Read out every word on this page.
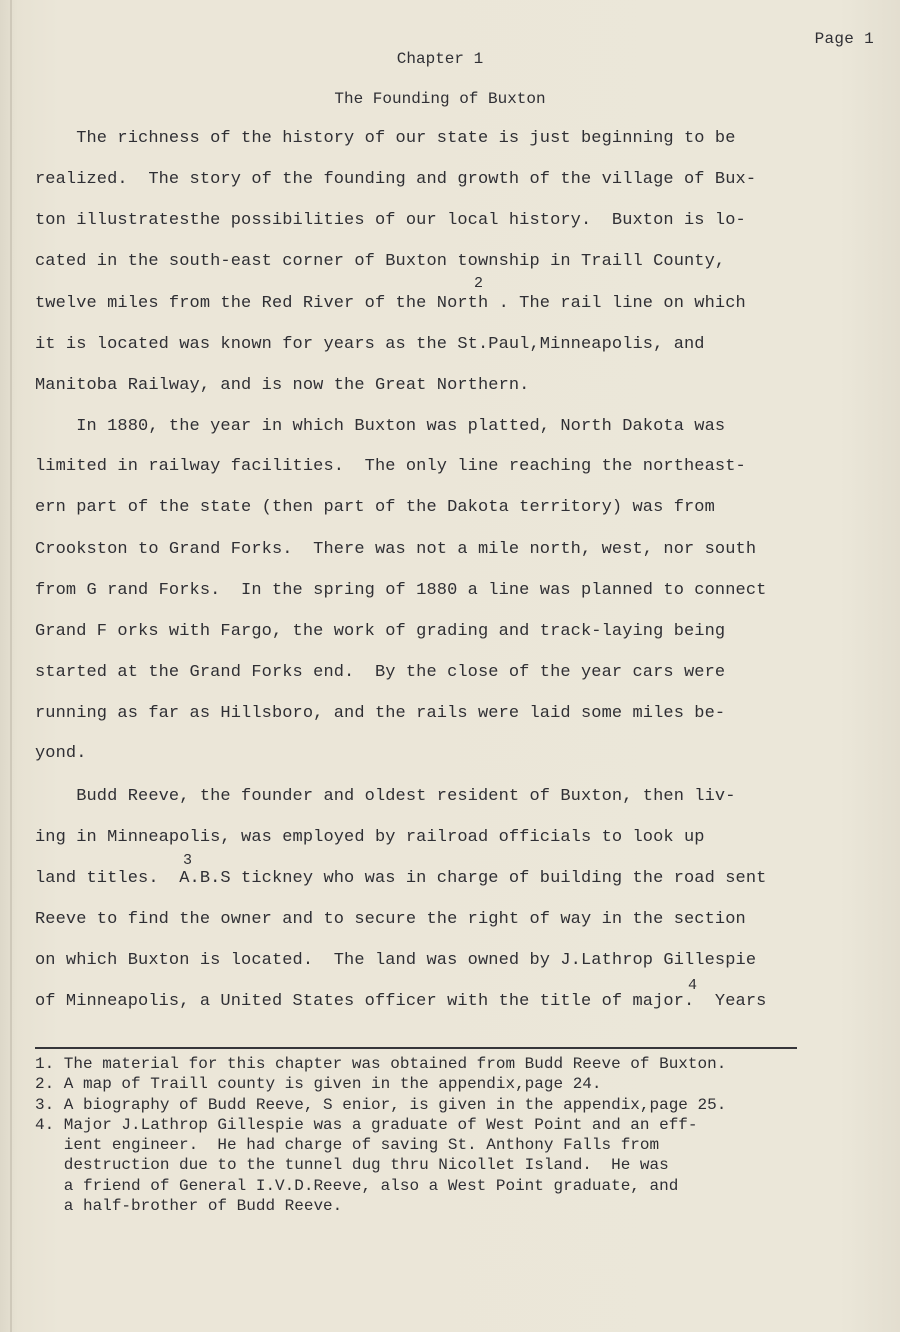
Page 1
Chapter 1
The Founding of Buxton
The richness of the history of our state is just beginning to be
realized.  The story of the founding and growth of the village of Bux-
ton illustratesthe possibilities of our local history.  Buxton is lo-
cated in the south-east corner of Buxton township in Traill County,
twelve miles from the Red River of the North . The rail line on which
it is located was known for years as the St.Paul,Minneapolis, and
Manitoba Railway, and is now the Great Northern.
In 1880, the year in which Buxton was platted, North Dakota was
limited in railway facilities.  The only line reaching the northeast-
ern part of the state (then part of the Dakota territory) was from
Crookston to Grand Forks.  There was not a mile north, west, nor south
from G rand Forks.  In the spring of 1880 a line was planned to connect
Grand F orks with Fargo, the work of grading and track-laying being
started at the Grand Forks end.  By the close of the year cars were
running as far as Hillsboro, and the rails were laid some miles be-
yond.
Budd Reeve, the founder and oldest resident of Buxton, then liv-
ing in Minneapolis, was employed by railroad officials to look up
land titles.  A.B.S tickney who was in charge of building the road sent
Reeve to find the owner and to secure the right of way in the section
on which Buxton is located.  The land was owned by J.Lathrop Gillespie
of Minneapolis, a United States officer with the title of major.  Years
2
3
4
1. The material for this chapter was obtained from Budd Reeve of Buxton.
2. A map of Traill county is given in the appendix,page 24.
3. A biography of Budd Reeve, S enior, is given in the appendix,page 25.
4. Major J.Lathrop Gillespie was a graduate of West Point and an eff-
ient engineer.  He had charge of saving St. Anthony Falls from
destruction due to the tunnel dug thru Nicollet Island.  He was
a friend of General I.V.D.Reeve, also a West Point graduate, and
a half-brother of Budd Reeve.
